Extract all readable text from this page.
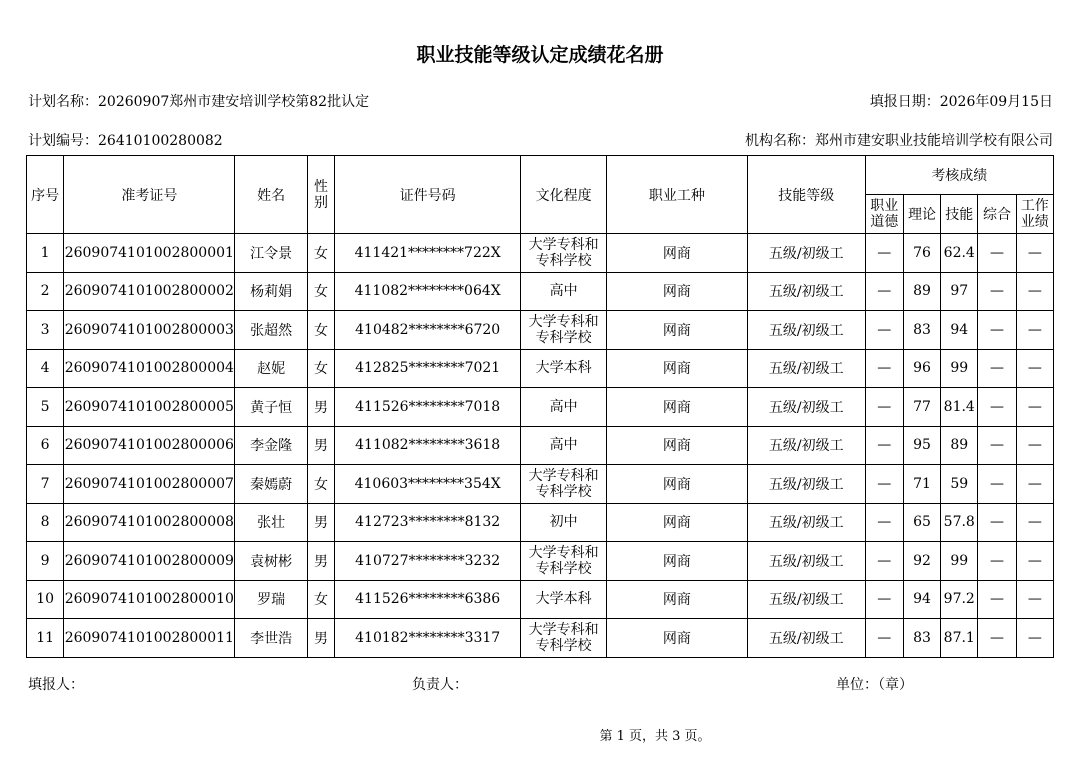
职业技能等级认定成绩花名册
计划名称：20260907郑州市建安培训学校第82批认定	填报日期：2026年09月15日
计划编号：26410100280082	机构名称：郑州市建安职业技能培训学校有限公司
序号	准考证号	姓名	性别	证件号码	文化程度	职业工种	技能等级	考核成绩				
								职业道德	理论	技能	综合	工作业绩
1	2609074101002800001	江令景	女	411421********722X	大学专科和
专科学校	网商	五级/初级工	—	76	62.4	—	—
2	2609074101002800002	杨莉娟	女	411082********064X	高中	网商	五级/初级工	—	89	97	—	—
3	2609074101002800003	张超然	女	410482********6720	大学专科和
专科学校	网商	五级/初级工	—	83	94	—	—
4	2609074101002800004	赵妮	女	412825********7021	大学本科	网商	五级/初级工	—	96	99	—	—
5	2609074101002800005	黄子恒	男	411526********7018	高中	网商	五级/初级工	—	77	81.4	—	—
6	2609074101002800006	李金隆	男	411082********3618	高中	网商	五级/初级工	—	95	89	—	—
7	2609074101002800007	秦嫣蔚	女	410603********354X	大学专科和
专科学校	网商	五级/初级工	—	71	59	—	—
8	2609074101002800008	张壮	男	412723********8132	初中	网商	五级/初级工	—	65	57.8	—	—
9	2609074101002800009	袁树彬	男	410727********3232	大学专科和
专科学校	网商	五级/初级工	—	92	99	—	—
10	2609074101002800010	罗瑞	女	411526********6386	大学本科	网商	五级/初级工	—	94	97.2	—	—
11	2609074101002800011	李世浩	男	410182********3317	大学专科和
专科学校	网商	五级/初级工	—	83	87.1	—	—
填报人：	负责人：	单位：（章）
第 1 页，共 3 页。
